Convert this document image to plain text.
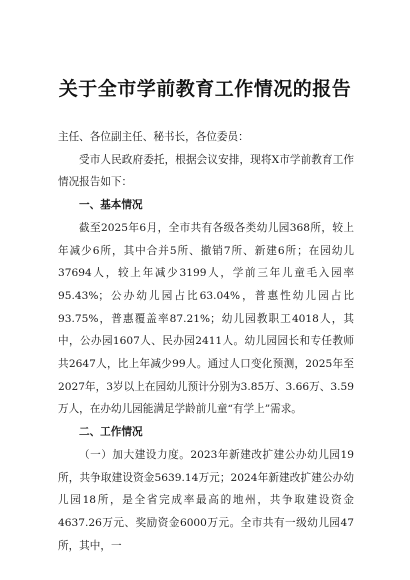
关于全市学前教育工作情况的报告

主任、各位副主任、秘书长，各位委员：

受市人民政府委托，根据会议安排，现将X市学前教育工作情况报告如下：

一、基本情况

截至2025年6月，全市共有各级各类幼儿园368所，较上年减少6所，其中合并5所、撤销7所、新建6所；在园幼儿37694人，较上年减少3199人，学前三年儿童毛入园率95.43%；公办幼儿园占比63.04%，普惠性幼儿园占比93.75%，普惠覆盖率87.21%；幼儿园教职工4018人，其中，公办园1607人、民办园2411人。幼儿园园长和专任教师共2647人，比上年减少99人。通过人口变化预测，2025年至2027年，3岁以上在园幼儿预计分别为3.85万、3.66万、3.59万人，在办幼儿园能满足学龄前儿童“有学上”需求。

二、工作情况

（一）加大建设力度。2023年新建改扩建公办幼儿园19所，共争取建设资金5639.14万元；2024年新建改扩建公办幼儿园18所，是全省完成率最高的地州，共争取建设资金4637.26万元、奖励资金6000万元。全市共有一级幼儿园47所，其中，一
